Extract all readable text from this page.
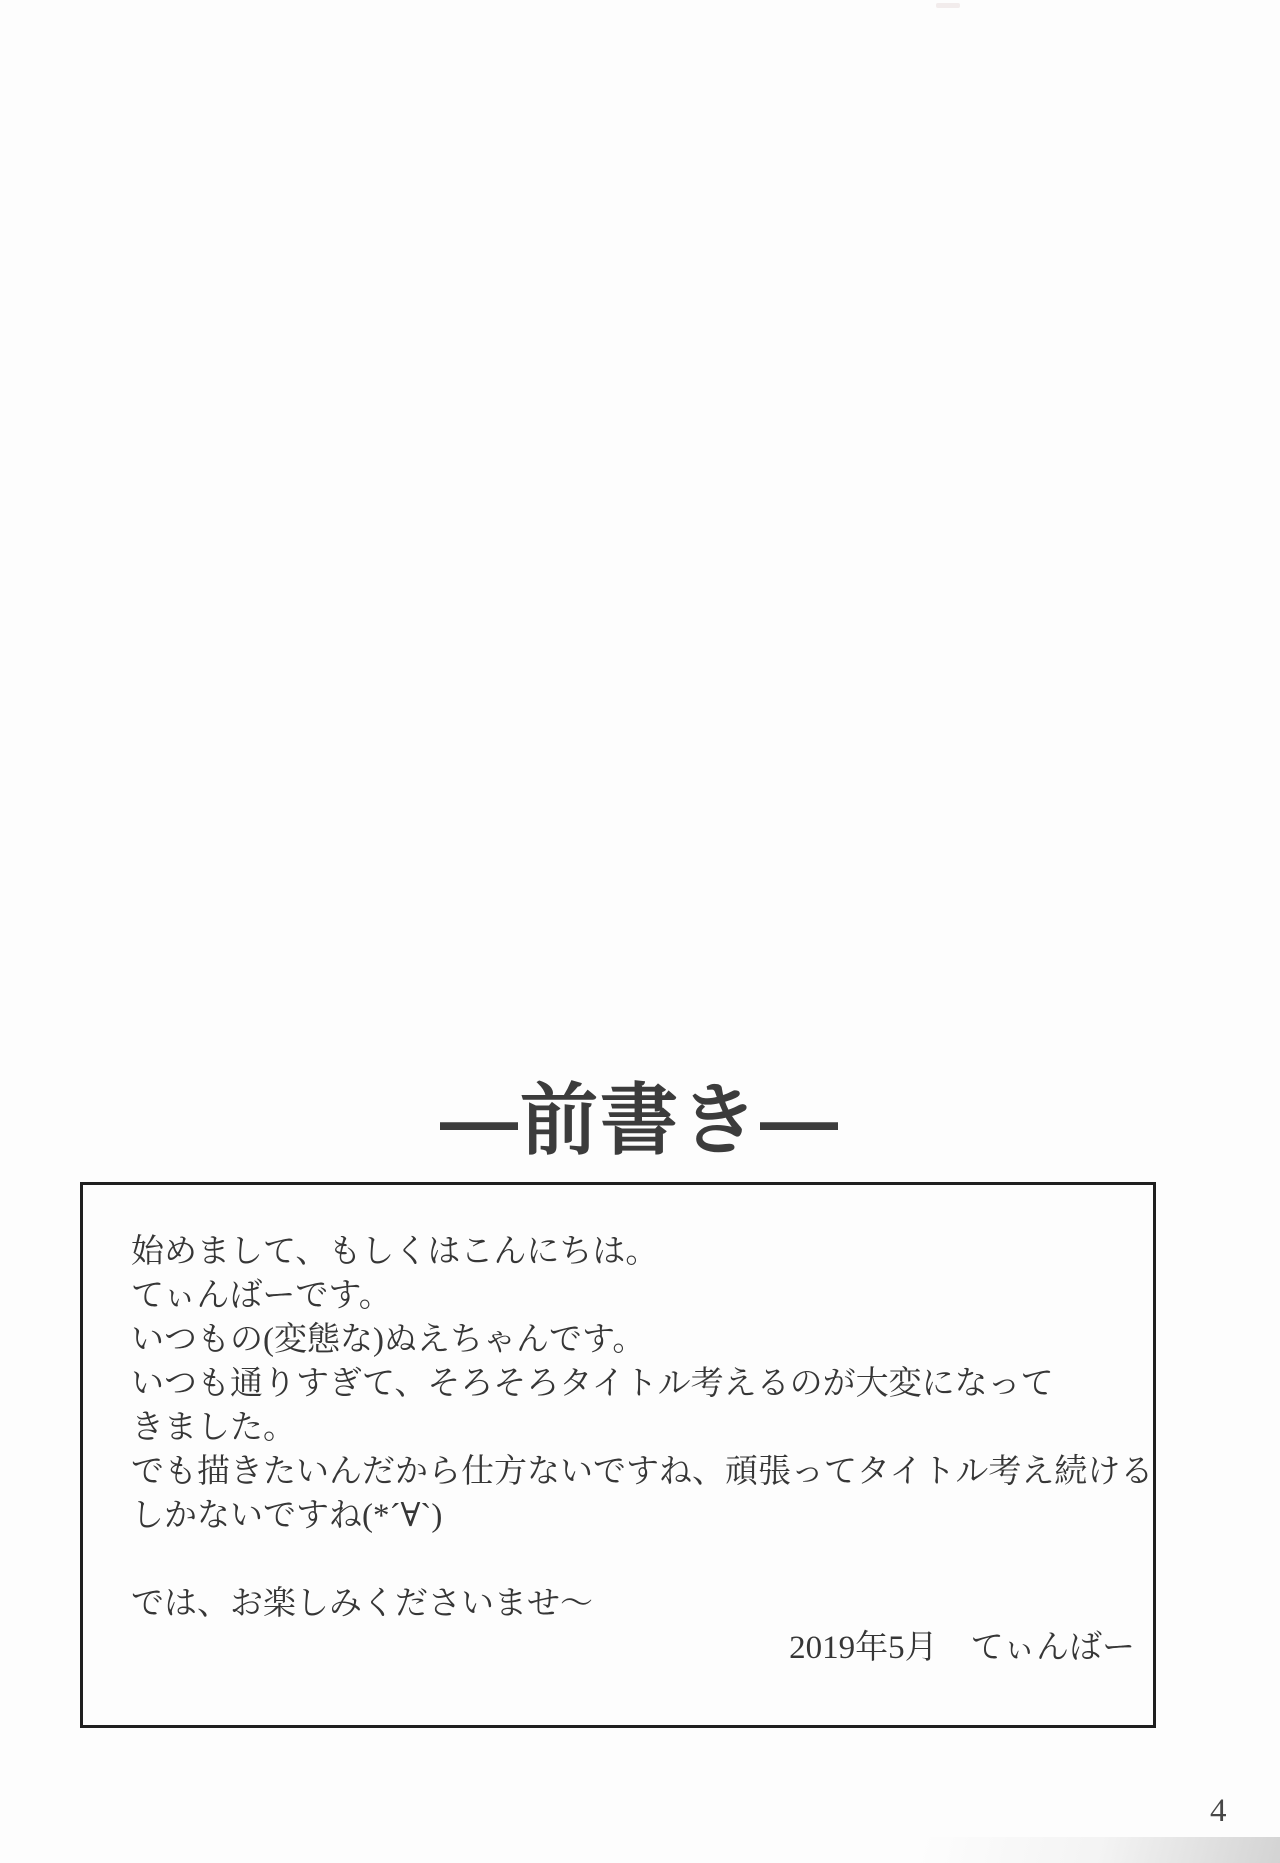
―前書き―

始めまして、もしくはこんにちは。

てぃんばーです。

いつもの(変態な)ぬえちゃんです。

いつも通りすぎて、そろそろタイトル考えるのが大変になって

きました。

でも描きたいんだから仕方ないですね、頑張ってタイトル考え続ける

しかないですね(*´∀`)

では、お楽しみくださいませ～

2019年5月　てぃんばー

4
